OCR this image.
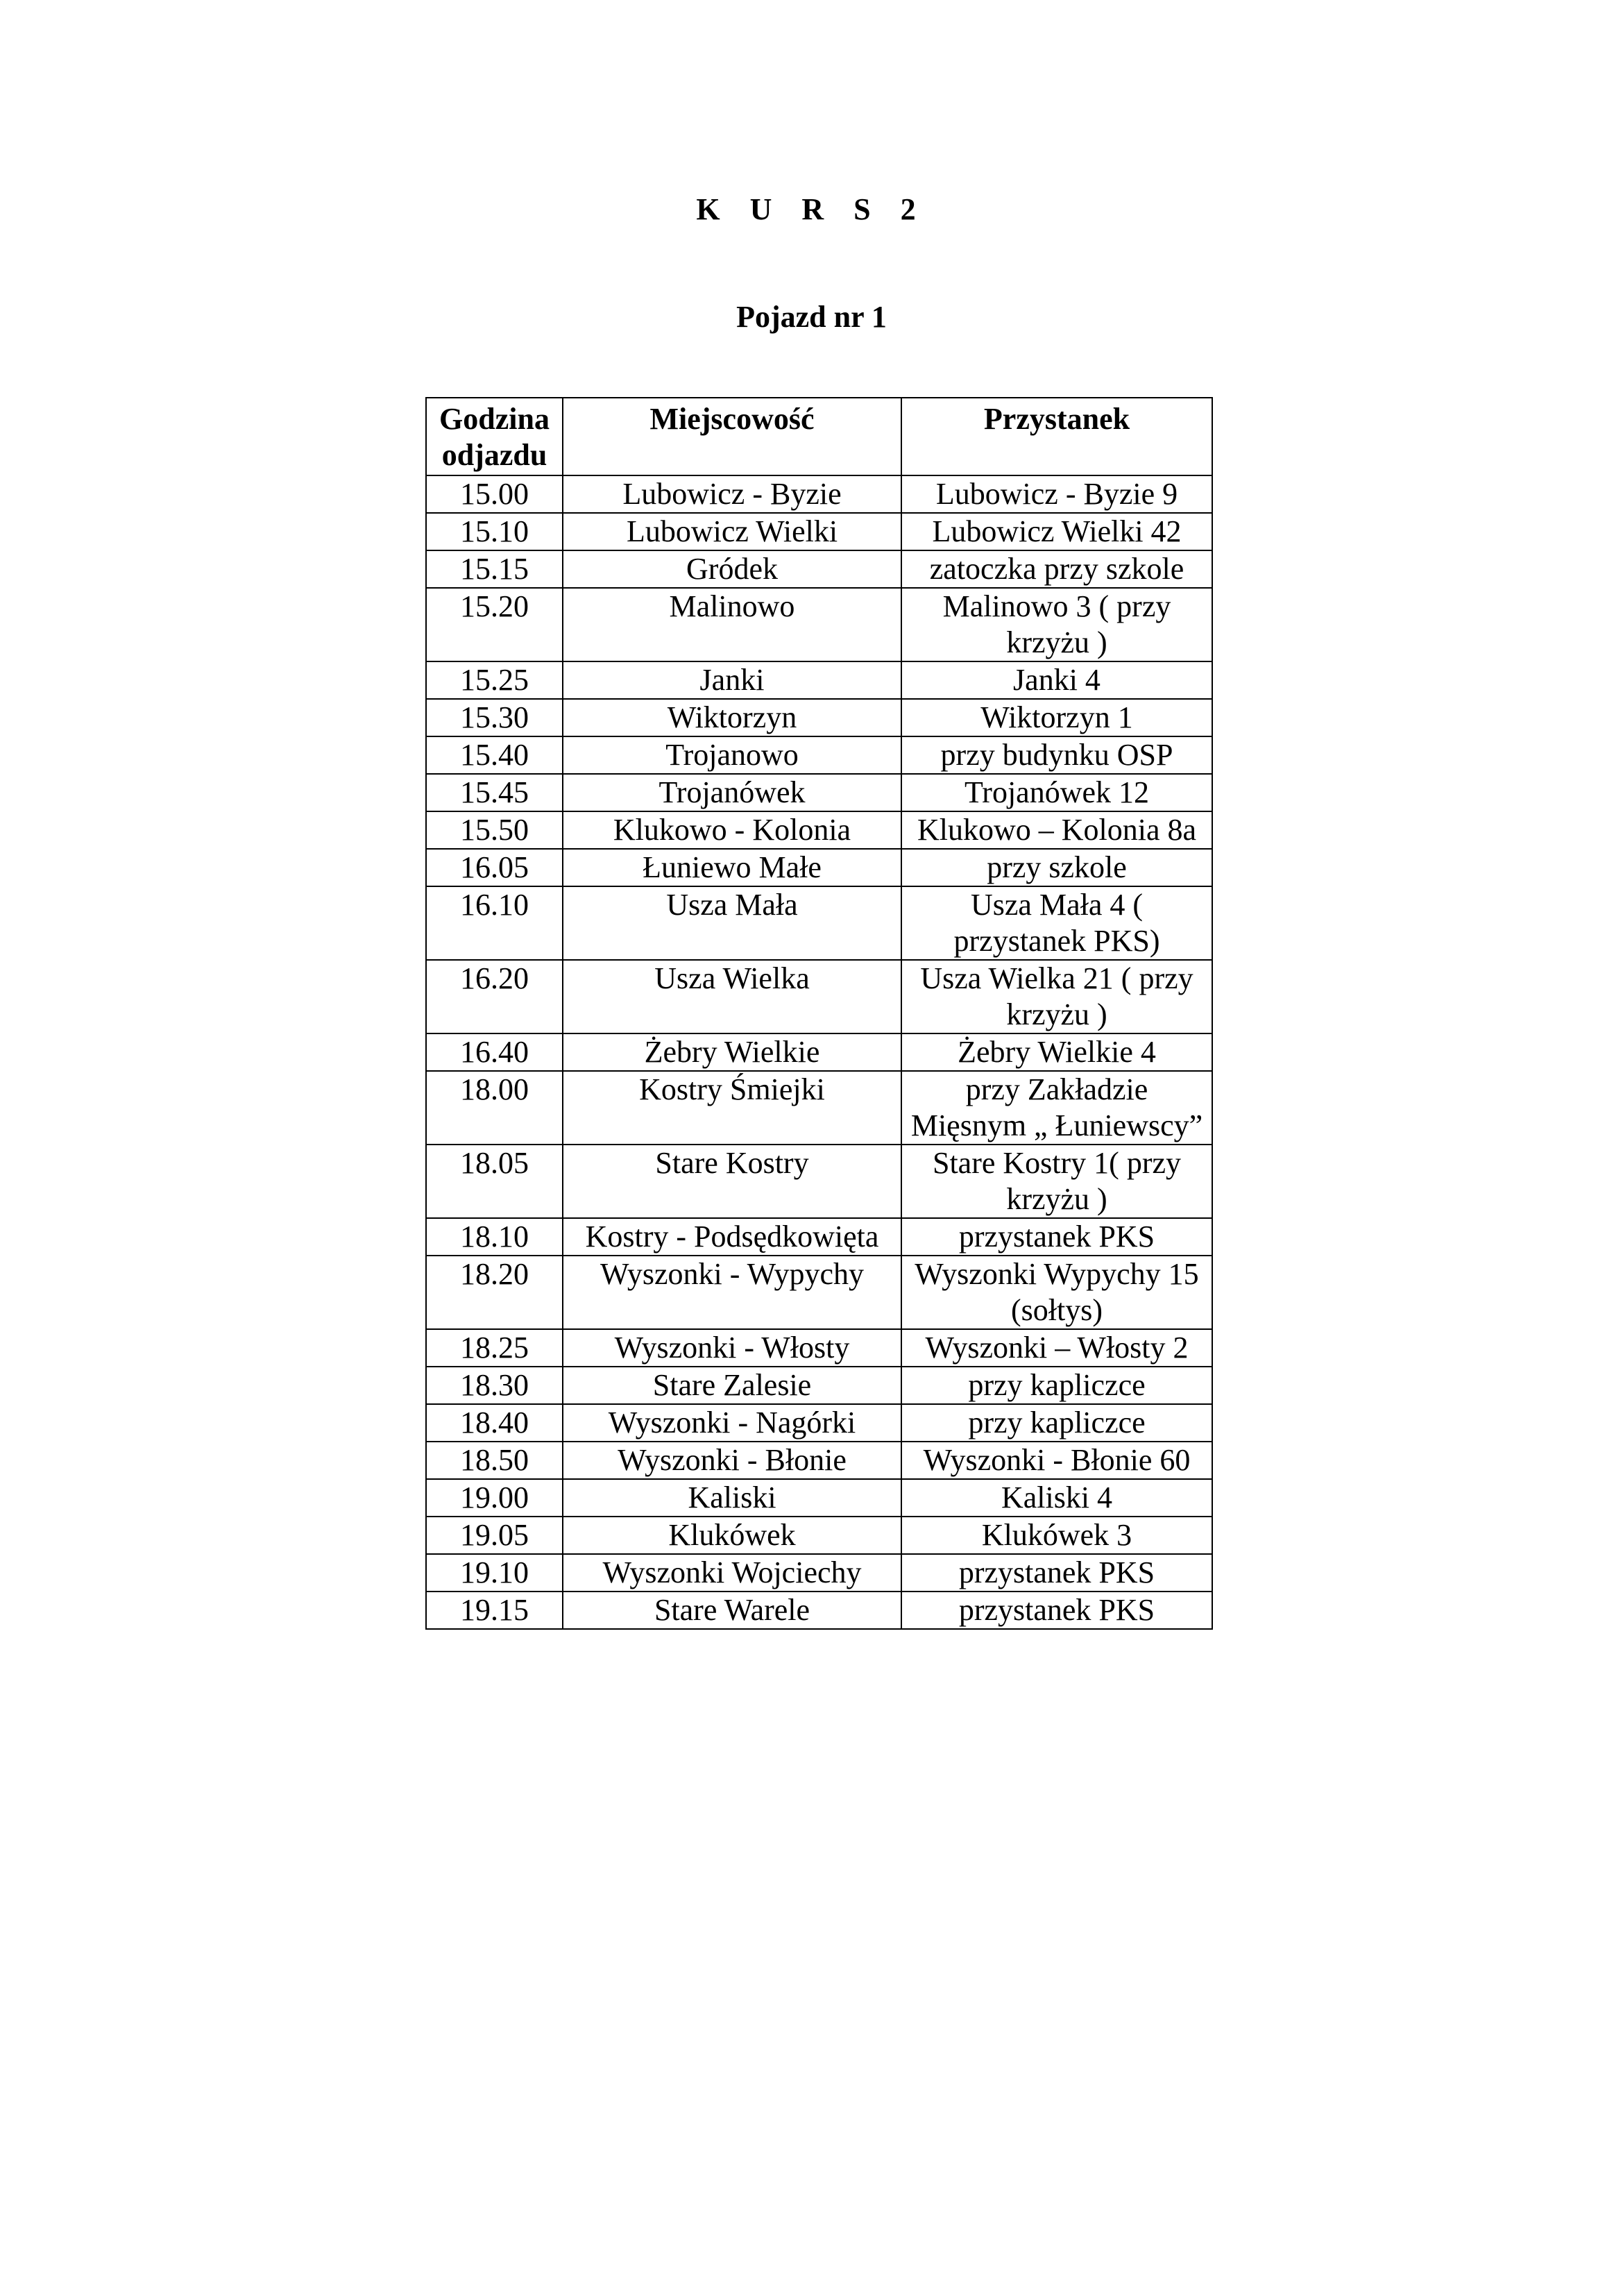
K U R S 2
Pojazd nr 1
Godzina odjazdu	Miejscowość	Przystanek
15.00	Lubowicz - Byzie	Lubowicz - Byzie 9
15.10	Lubowicz Wielki	Lubowicz Wielki 42
15.15	Gródek	zatoczka przy szkole
15.20	Malinowo	Malinowo 3 ( przy krzyżu )
15.25	Janki	Janki 4
15.30	Wiktorzyn	Wiktorzyn 1
15.40	Trojanowo	przy budynku OSP
15.45	Trojanówek	Trojanówek 12
15.50	Klukowo - Kolonia	Klukowo – Kolonia 8a
16.05	Łuniewo Małe	przy szkole
16.10	Usza Mała	Usza Mała 4 ( przystanek PKS)
16.20	Usza Wielka	Usza Wielka 21 ( przy krzyżu )
16.40	Żebry Wielkie	Żebry Wielkie 4
18.00	Kostry Śmiejki	przy Zakładzie Mięsnym „ Łuniewscy”
18.05	Stare Kostry	Stare Kostry 1( przy krzyżu )
18.10	Kostry - Podsędkowięta	przystanek PKS
18.20	Wyszonki - Wypychy	Wyszonki Wypychy 15 (sołtys)
18.25	Wyszonki - Włosty	Wyszonki – Włosty 2
18.30	Stare Zalesie	przy kapliczce
18.40	Wyszonki - Nagórki	przy kapliczce
18.50	Wyszonki - Błonie	Wyszonki - Błonie 60
19.00	Kaliski	Kaliski 4
19.05	Klukówek	Klukówek 3
19.10	Wyszonki Wojciechy	przystanek PKS
19.15	Stare Warele	przystanek PKS
